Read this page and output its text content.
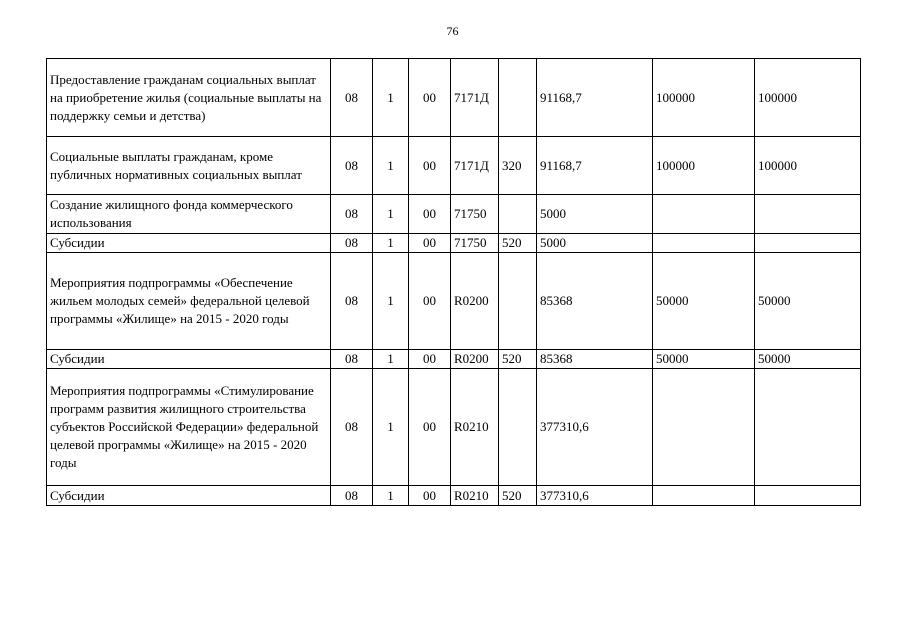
76
Предоставление гражданам социальных выплат на приобретение жилья (социальные выплаты на поддержку семьи и детства)	08	1	00	7171Д		91168,7	100000	100000
Социальные выплаты гражданам, кроме публичных нормативных социальных выплат	08	1	00	7171Д	320	91168,7	100000	100000
Создание жилищного фонда коммерческого использования	08	1	00	71750		5000		
Субсидии	08	1	00	71750	520	5000		
Мероприятия подпрограммы «Обеспечение жильем молодых семей» федеральной целевой программы «Жилище» на 2015 - 2020 годы	08	1	00	R0200		85368	50000	50000
Субсидии	08	1	00	R0200	520	85368	50000	50000
Мероприятия подпрограммы «Стимулирование программ развития жилищного строительства субъектов Российской Федерации» федеральной целевой программы «Жилище» на 2015 - 2020 годы	08	1	00	R0210		377310,6		
Субсидии	08	1	00	R0210	520	377310,6		
